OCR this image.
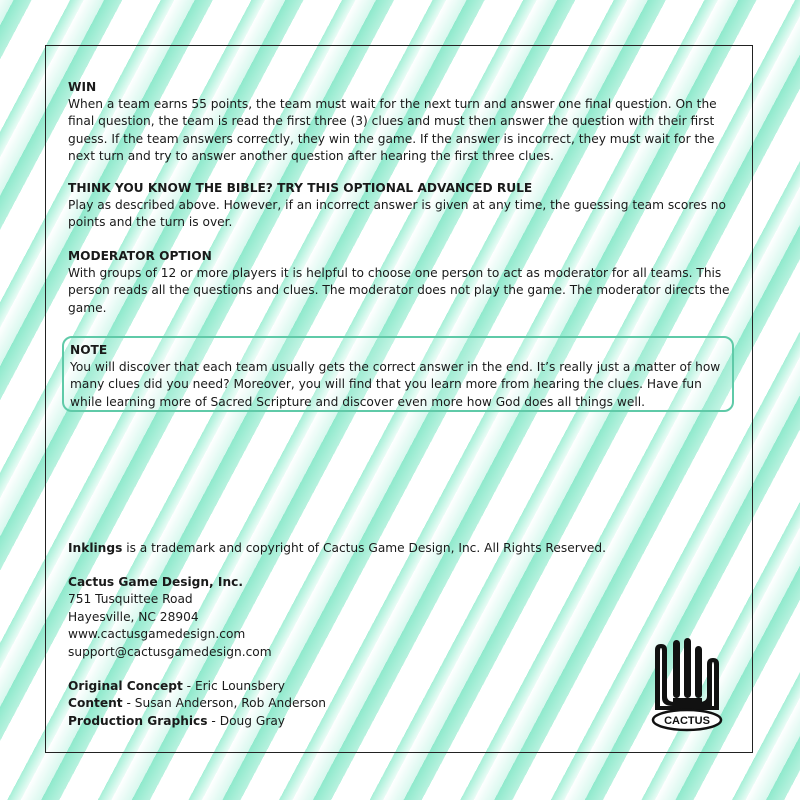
WIN

When a team earns 55 points, the team must wait for the next turn and answer one final question. On the final question, the team is read the first three (3) clues and must then answer the question with their first guess. If the team answers correctly, they win the game. If the answer is incorrect, they must wait for the next turn and try to answer another question after hearing the first three clues.

THINK YOU KNOW THE BIBLE? TRY THIS OPTIONAL ADVANCED RULE

Play as described above. However, if an incorrect answer is given at any time, the guessing team scores no points and the turn is over.

MODERATOR OPTION

With groups of 12 or more players it is helpful to choose one person to act as moderator for all teams. This person reads all the questions and clues. The moderator does not play the game. The moderator directs the game.

NOTE

You will discover that each team usually gets the correct answer in the end. It’s really just a matter of how many clues did you need? Moreover, you will find that you learn more from hearing the clues. Have fun while learning more of Sacred Scripture and discover even more how God does all things well.

Inklings is a trademark and copyright of Cactus Game Design, Inc. All Rights Reserved.
Cactus Game Design, Inc.
751 Tusquittee Road
Hayesville, NC 28904
www.cactusgamedesign.com
support@cactusgamedesign.com
Original Concept - Eric Lounsbery
Content - Susan Anderson, Rob Anderson
Production Graphics - Doug Gray	CACTUS
